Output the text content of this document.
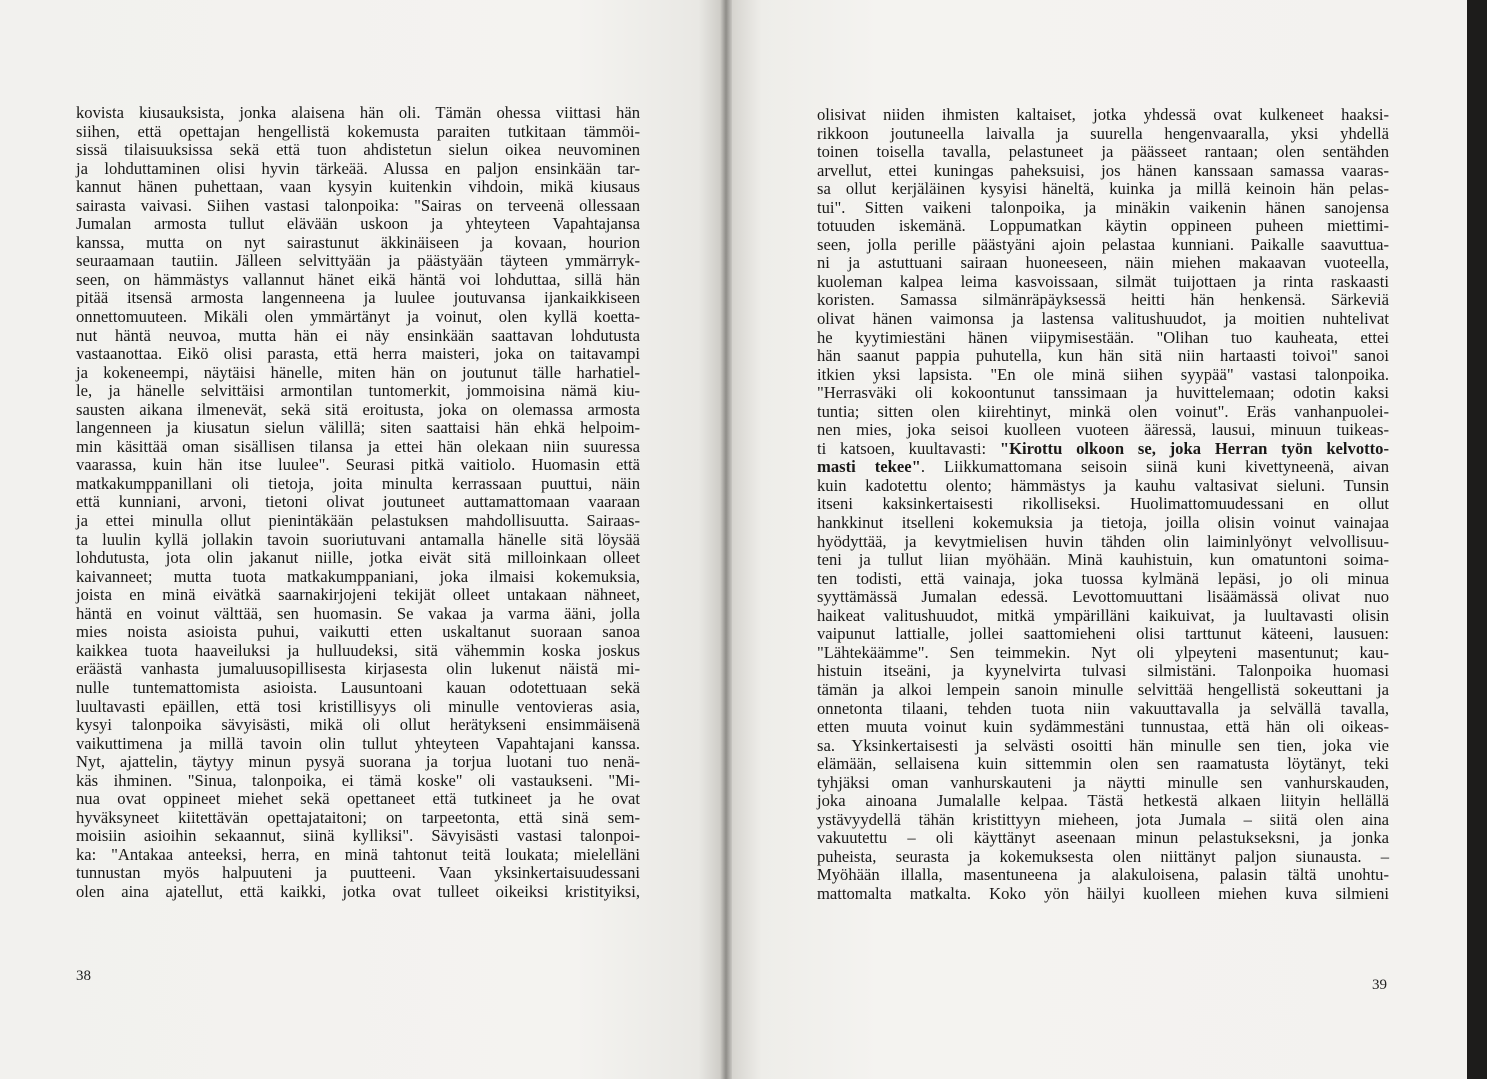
kovista kiusauksista, jonka alaisena hän oli. Tämän ohessa viittasi hän
siihen, että opettajan hengellistä kokemusta paraiten tutkitaan tämmöi-
sissä tilaisuuksissa sekä että tuon ahdistetun sielun oikea neuvominen
ja lohduttaminen olisi hyvin tärkeää. Alussa en paljon ensinkään tar-
kannut hänen puhettaan, vaan kysyin kuitenkin vihdoin, mikä kiusaus
sairasta vaivasi. Siihen vastasi talonpoika: "Sairas on terveenä ollessaan
Jumalan armosta tullut elävään uskoon ja yhteyteen Vapahtajansa
kanssa, mutta on nyt sairastunut äkkinäiseen ja kovaan, hourion
seuraamaan tautiin. Jälleen selvittyään ja päästyään täyteen ymmärryk-
seen, on hämmästys vallannut hänet eikä häntä voi lohduttaa, sillä hän
pitää itsensä armosta langenneena ja luulee joutuvansa ijankaikkiseen
onnettomuuteen. Mikäli olen ymmärtänyt ja voinut, olen kyllä koetta-
nut häntä neuvoa, mutta hän ei näy ensinkään saattavan lohdutusta
vastaanottaa. Eikö olisi parasta, että herra maisteri, joka on taitavampi
ja kokeneempi, näytäisi hänelle, miten hän on joutunut tälle harhatiel-
le, ja hänelle selvittäisi armontilan tuntomerkit, jommoisina nämä kiu-
sausten aikana ilmenevät, sekä sitä eroitusta, joka on olemassa armosta
langenneen ja kiusatun sielun välillä; siten saattaisi hän ehkä helpoim-
min käsittää oman sisällisen tilansa ja ettei hän olekaan niin suuressa
vaarassa, kuin hän itse luulee". Seurasi pitkä vaitiolo. Huomasin että
matkakumppanillani oli tietoja, joita minulta kerrassaan puuttui, näin
että kunniani, arvoni, tietoni olivat joutuneet auttamattomaan vaaraan
ja ettei minulla ollut pienintäkään pelastuksen mahdollisuutta. Sairaas-
ta luulin kyllä jollakin tavoin suoriutuvani antamalla hänelle sitä löysää
lohdutusta, jota olin jakanut niille, jotka eivät sitä milloinkaan olleet
kaivanneet; mutta tuota matkakumppaniani, joka ilmaisi kokemuksia,
joista en minä eivätkä saarnakirjojeni tekijät olleet untakaan nähneet,
häntä en voinut välttää, sen huomasin. Se vakaa ja varma ääni, jolla
mies noista asioista puhui, vaikutti etten uskaltanut suoraan sanoa
kaikkea tuota haaveiluksi ja hulluudeksi, sitä vähemmin koska joskus
eräästä vanhasta jumaluusopillisesta kirjasesta olin lukenut näistä mi-
nulle tuntemattomista asioista. Lausuntoani kauan odotettuaan sekä
luultavasti epäillen, että tosi kristillisyys oli minulle ventovieras asia,
kysyi talonpoika sävyisästi, mikä oli ollut herätykseni ensimmäisenä
vaikuttimena ja millä tavoin olin tullut yhteyteen Vapahtajani kanssa.
Nyt, ajattelin, täytyy minun pysyä suorana ja torjua luotani tuo nenä-
käs ihminen. "Sinua, talonpoika, ei tämä koske" oli vastaukseni. "Mi-
nua ovat oppineet miehet sekä opettaneet että tutkineet ja he ovat
hyväksyneet kiitettävän opettajataitoni; on tarpeetonta, että sinä sem-
moisiin asioihin sekaannut, siinä kylliksi". Sävyisästi vastasi talonpoi-
ka: "Antakaa anteeksi, herra, en minä tahtonut teitä loukata; mielelläni
tunnustan myös halpuuteni ja puutteeni. Vaan yksinkertaisuudessani
olen aina ajatellut, että kaikki, jotka ovat tulleet oikeiksi kristityiksi,
38
olisivat niiden ihmisten kaltaiset, jotka yhdessä ovat kulkeneet haaksi-
rikkoon joutuneella laivalla ja suurella hengenvaaralla, yksi yhdellä
toinen toisella tavalla, pelastuneet ja päässeet rantaan; olen sentähden
arvellut, ettei kuningas paheksuisi, jos hänen kanssaan samassa vaaras-
sa ollut kerjäläinen kysyisi häneltä, kuinka ja millä keinoin hän pelas-
tui". Sitten vaikeni talonpoika, ja minäkin vaikenin hänen sanojensa
totuuden iskemänä. Loppumatkan käytin oppineen puheen miettimi-
seen, jolla perille päästyäni ajoin pelastaa kunniani. Paikalle saavuttua-
ni ja astuttuani sairaan huoneeseen, näin miehen makaavan vuoteella,
kuoleman kalpea leima kasvoissaan, silmät tuijottaen ja rinta raskaasti
koristen. Samassa silmänräpäyksessä heitti hän henkensä. Särkeviä
olivat hänen vaimonsa ja lastensa valitushuudot, ja moitien nuhtelivat
he kyytimiestäni hänen viipymisestään. "Olihan tuo kauheata, ettei
hän saanut pappia puhutella, kun hän sitä niin hartaasti toivoi" sanoi
itkien yksi lapsista. "En ole minä siihen syypää" vastasi talonpoika.
"Herrasväki oli kokoontunut tanssimaan ja huvittelemaan; odotin kaksi
tuntia; sitten olen kiirehtinyt, minkä olen voinut". Eräs vanhanpuolei-
nen mies, joka seisoi kuolleen vuoteen ääressä, lausui, minuun tuikeas-
ti katsoen, kuultavasti: "Kirottu olkoon se, joka Herran työn kelvotto-
masti tekee". Liikkumattomana seisoin siinä kuni kivettyneenä, aivan
kuin kadotettu olento; hämmästys ja kauhu valtasivat sieluni. Tunsin
itseni kaksinkertaisesti rikolliseksi. Huolimattomuudessani en ollut
hankkinut itselleni kokemuksia ja tietoja, joilla olisin voinut vainajaa
hyödyttää, ja kevytmielisen huvin tähden olin laiminlyönyt velvollisuu-
teni ja tullut liian myöhään. Minä kauhistuin, kun omatuntoni soima-
ten todisti, että vainaja, joka tuossa kylmänä lepäsi, jo oli minua
syyttämässä Jumalan edessä. Levottomuuttani lisäämässä olivat nuo
haikeat valitushuudot, mitkä ympärilläni kaikuivat, ja luultavasti olisin
vaipunut lattialle, jollei saattomieheni olisi tarttunut käteeni, lausuen:
"Lähtekäämme". Sen teimmekin. Nyt oli ylpeyteni masentunut; kau-
histuin itseäni, ja kyynelvirta tulvasi silmistäni. Talonpoika huomasi
tämän ja alkoi lempein sanoin minulle selvittää hengellistä sokeuttani ja
onnetonta tilaani, tehden tuota niin vakuuttavalla ja selvällä tavalla,
etten muuta voinut kuin sydämmestäni tunnustaa, että hän oli oikeas-
sa. Yksinkertaisesti ja selvästi osoitti hän minulle sen tien, joka vie
elämään, sellaisena kuin sittemmin olen sen raamatusta löytänyt, teki
tyhjäksi oman vanhurskauteni ja näytti minulle sen vanhurskauden,
joka ainoana Jumalalle kelpaa. Tästä hetkestä alkaen liityin hellällä
ystävyydellä tähän kristittyyn mieheen, jota Jumala – siitä olen aina
vakuutettu – oli käyttänyt aseenaan minun pelastukseksni, ja jonka
puheista, seurasta ja kokemuksesta olen niittänyt paljon siunausta. –
Myöhään illalla, masentuneena ja alakuloisena, palasin tältä unohtu-
mattomalta matkalta. Koko yön häilyi kuolleen miehen kuva silmieni
39
